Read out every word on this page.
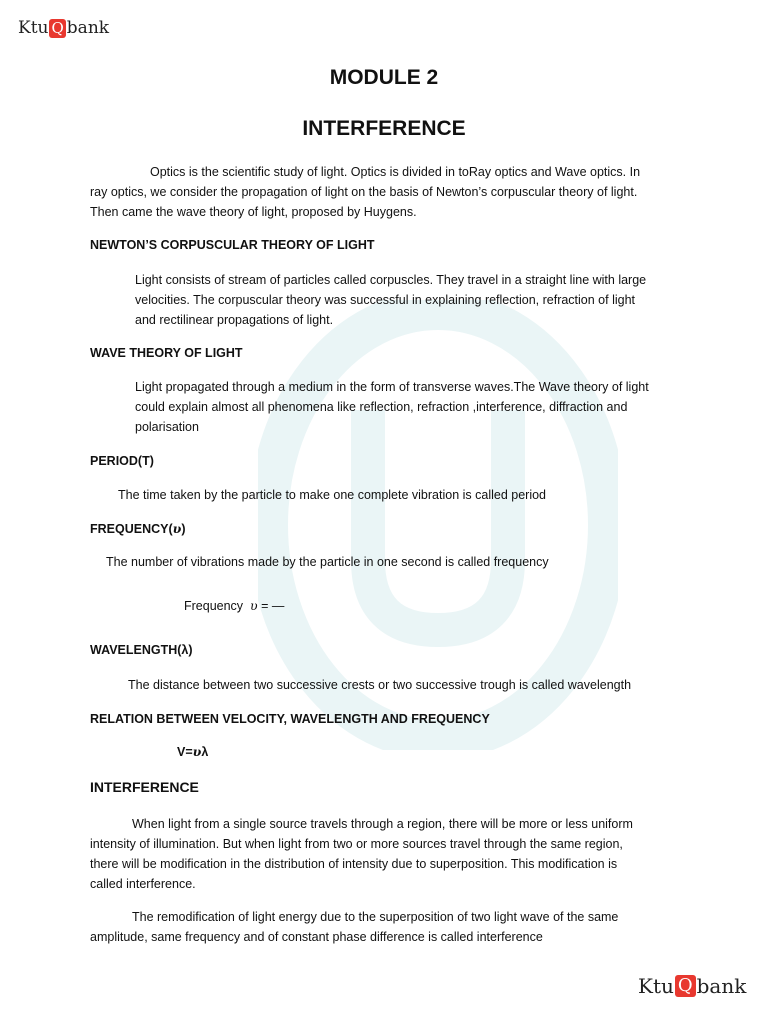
Ktu Q bank
MODULE 2
INTERFERENCE
Optics is the scientific study of light. Optics is divided in toRay optics and Wave optics. In
ray optics, we consider the propagation of light on the basis of Newton’s corpuscular theory of light.
Then came the wave theory of light, proposed by Huygens.
NEWTON’S CORPUSCULAR THEORY OF LIGHT
Light consists of stream of particles called corpuscles. They travel in a straight line with large
velocities. The corpuscular theory was successful in explaining reflection, refraction of light
and rectilinear propagations of light.
WAVE THEORY OF LIGHT
Light propagated through a medium in the form of transverse waves.The Wave theory of light
could explain almost all phenomena like reflection, refraction ,interference, diffraction and
polarisation
PERIOD(T)
The time taken by the particle to make one complete vibration is called period
FREQUENCY(υ)
The number of vibrations made by the particle in one second is called frequency
Frequency υ = —
WAVELENGTH(λ)
The distance between two successive crests or two successive trough is called wavelength
RELATION BETWEEN VELOCITY, WAVELENGTH AND FREQUENCY
V=υλ
INTERFERENCE
When light from a single source travels through a region, there will be more or less uniform
intensity of illumination. But when light from two or more sources travel through the same region,
there will be modification in the distribution of intensity due to superposition. This modification is
called interference.
The remodification of light energy due to the superposition of two light wave of the same
amplitude, same frequency and of constant phase difference is called interference
Ktu Q bank
